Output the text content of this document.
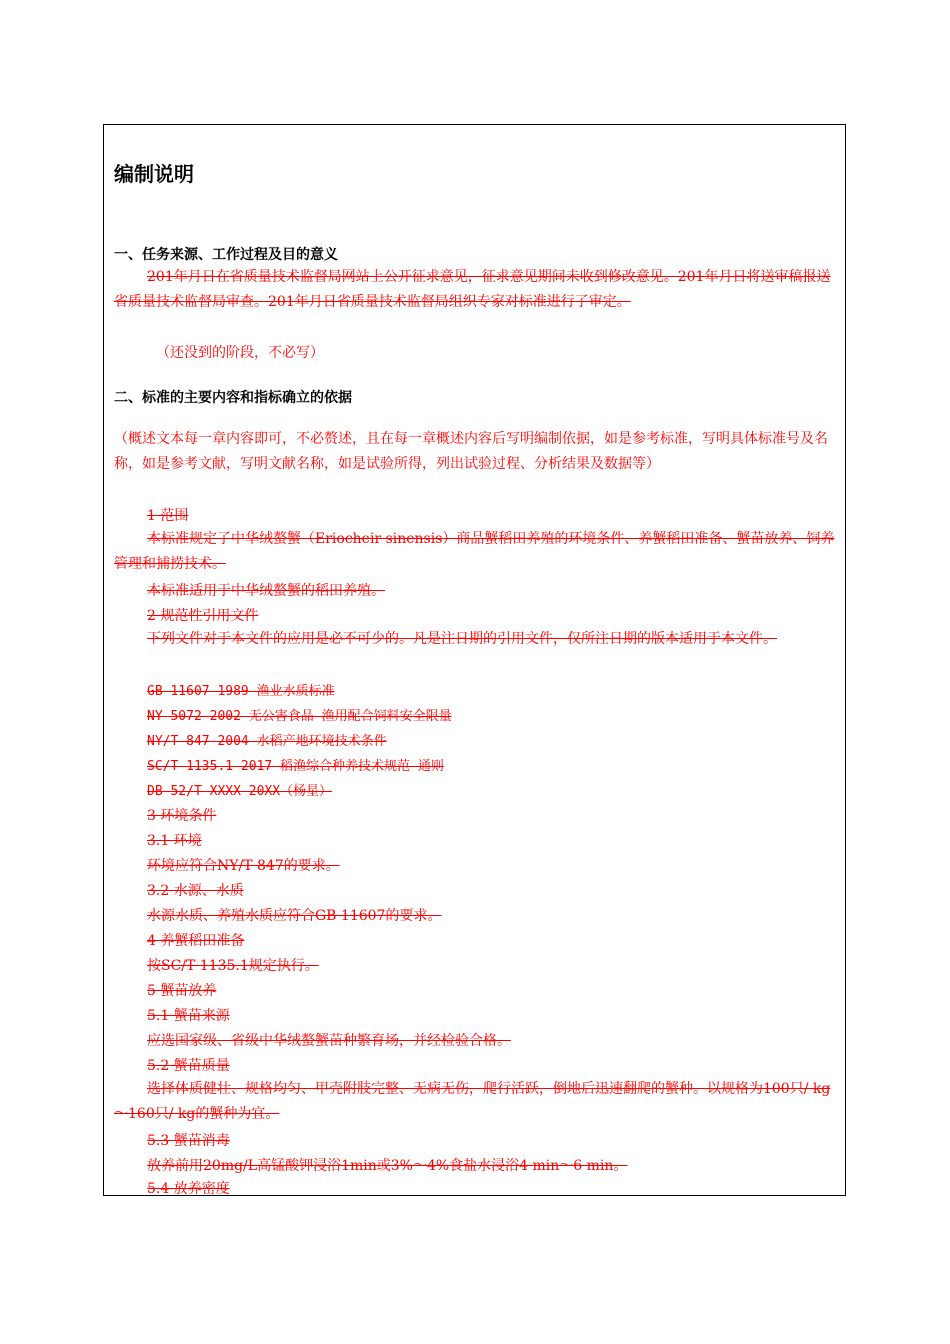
编制说明
一、任务来源、工作过程及目的意义
201年月日在省质量技术监督局网站上公开征求意见，征求意见期间未收到修改意见。201年月日将送审稿报送省质量技术监督局审查。201年月日省质量技术监督局组织专家对标准进行了审定。
（还没到的阶段，不必写）
二、标准的主要内容和指标确立的依据
（概述文本每一章内容即可，不必赘述，且在每一章概述内容后写明编制依据，如是参考标准，写明具体标准号及名称，如是参考文献，写明文献名称，如是试验所得，列出试验过程、分析结果及数据等）
1 范围
本标准规定了中华绒螯蟹（Eriocheir sinensis）商品蟹稻田养殖的环境条件、养蟹稻田准备、蟹苗放养、饲养管理和捕捞技术。
本标准适用于中华绒螯蟹的稻田养殖。
2 规范性引用文件
下列文件对于本文件的应用是必不可少的。凡是注日期的引用文件，仅所注日期的版本适用于本文件。
GB 11607-1989 渔业水质标准
NY 5072-2002 无公害食品 渔用配合饲料安全限量
NY/T 847-2004 水稻产地环境技术条件
SC/T 1135.1-2017 稻渔综合种养技术规范 通则
DB 52/T XXXX—20XX（杨星）
3 环境条件
3.1 环境
环境应符合NY/T 847的要求。
3.2 水源、水质
水源水质、养殖水质应符合GB 11607的要求。
4 养蟹稻田准备
按SC/T 1135.1规定执行。
5 蟹苗放养
5.1 蟹苗来源
应选国家级、省级中华绒螯蟹苗种繁育场，并经检验合格。
5.2 蟹苗质量
选择体质健壮、规格均匀、甲壳附肢完整、无病无伤，爬行活跃，倒地后迅速翻爬的蟹种。以规格为100只/ kg～160只/ kg的蟹种为宜。
5.3 蟹苗消毒
放养前用20mg/L高锰酸钾浸浴1min或3%～4%食盐水浸浴4 min～6 min。
5.4 放养密度
